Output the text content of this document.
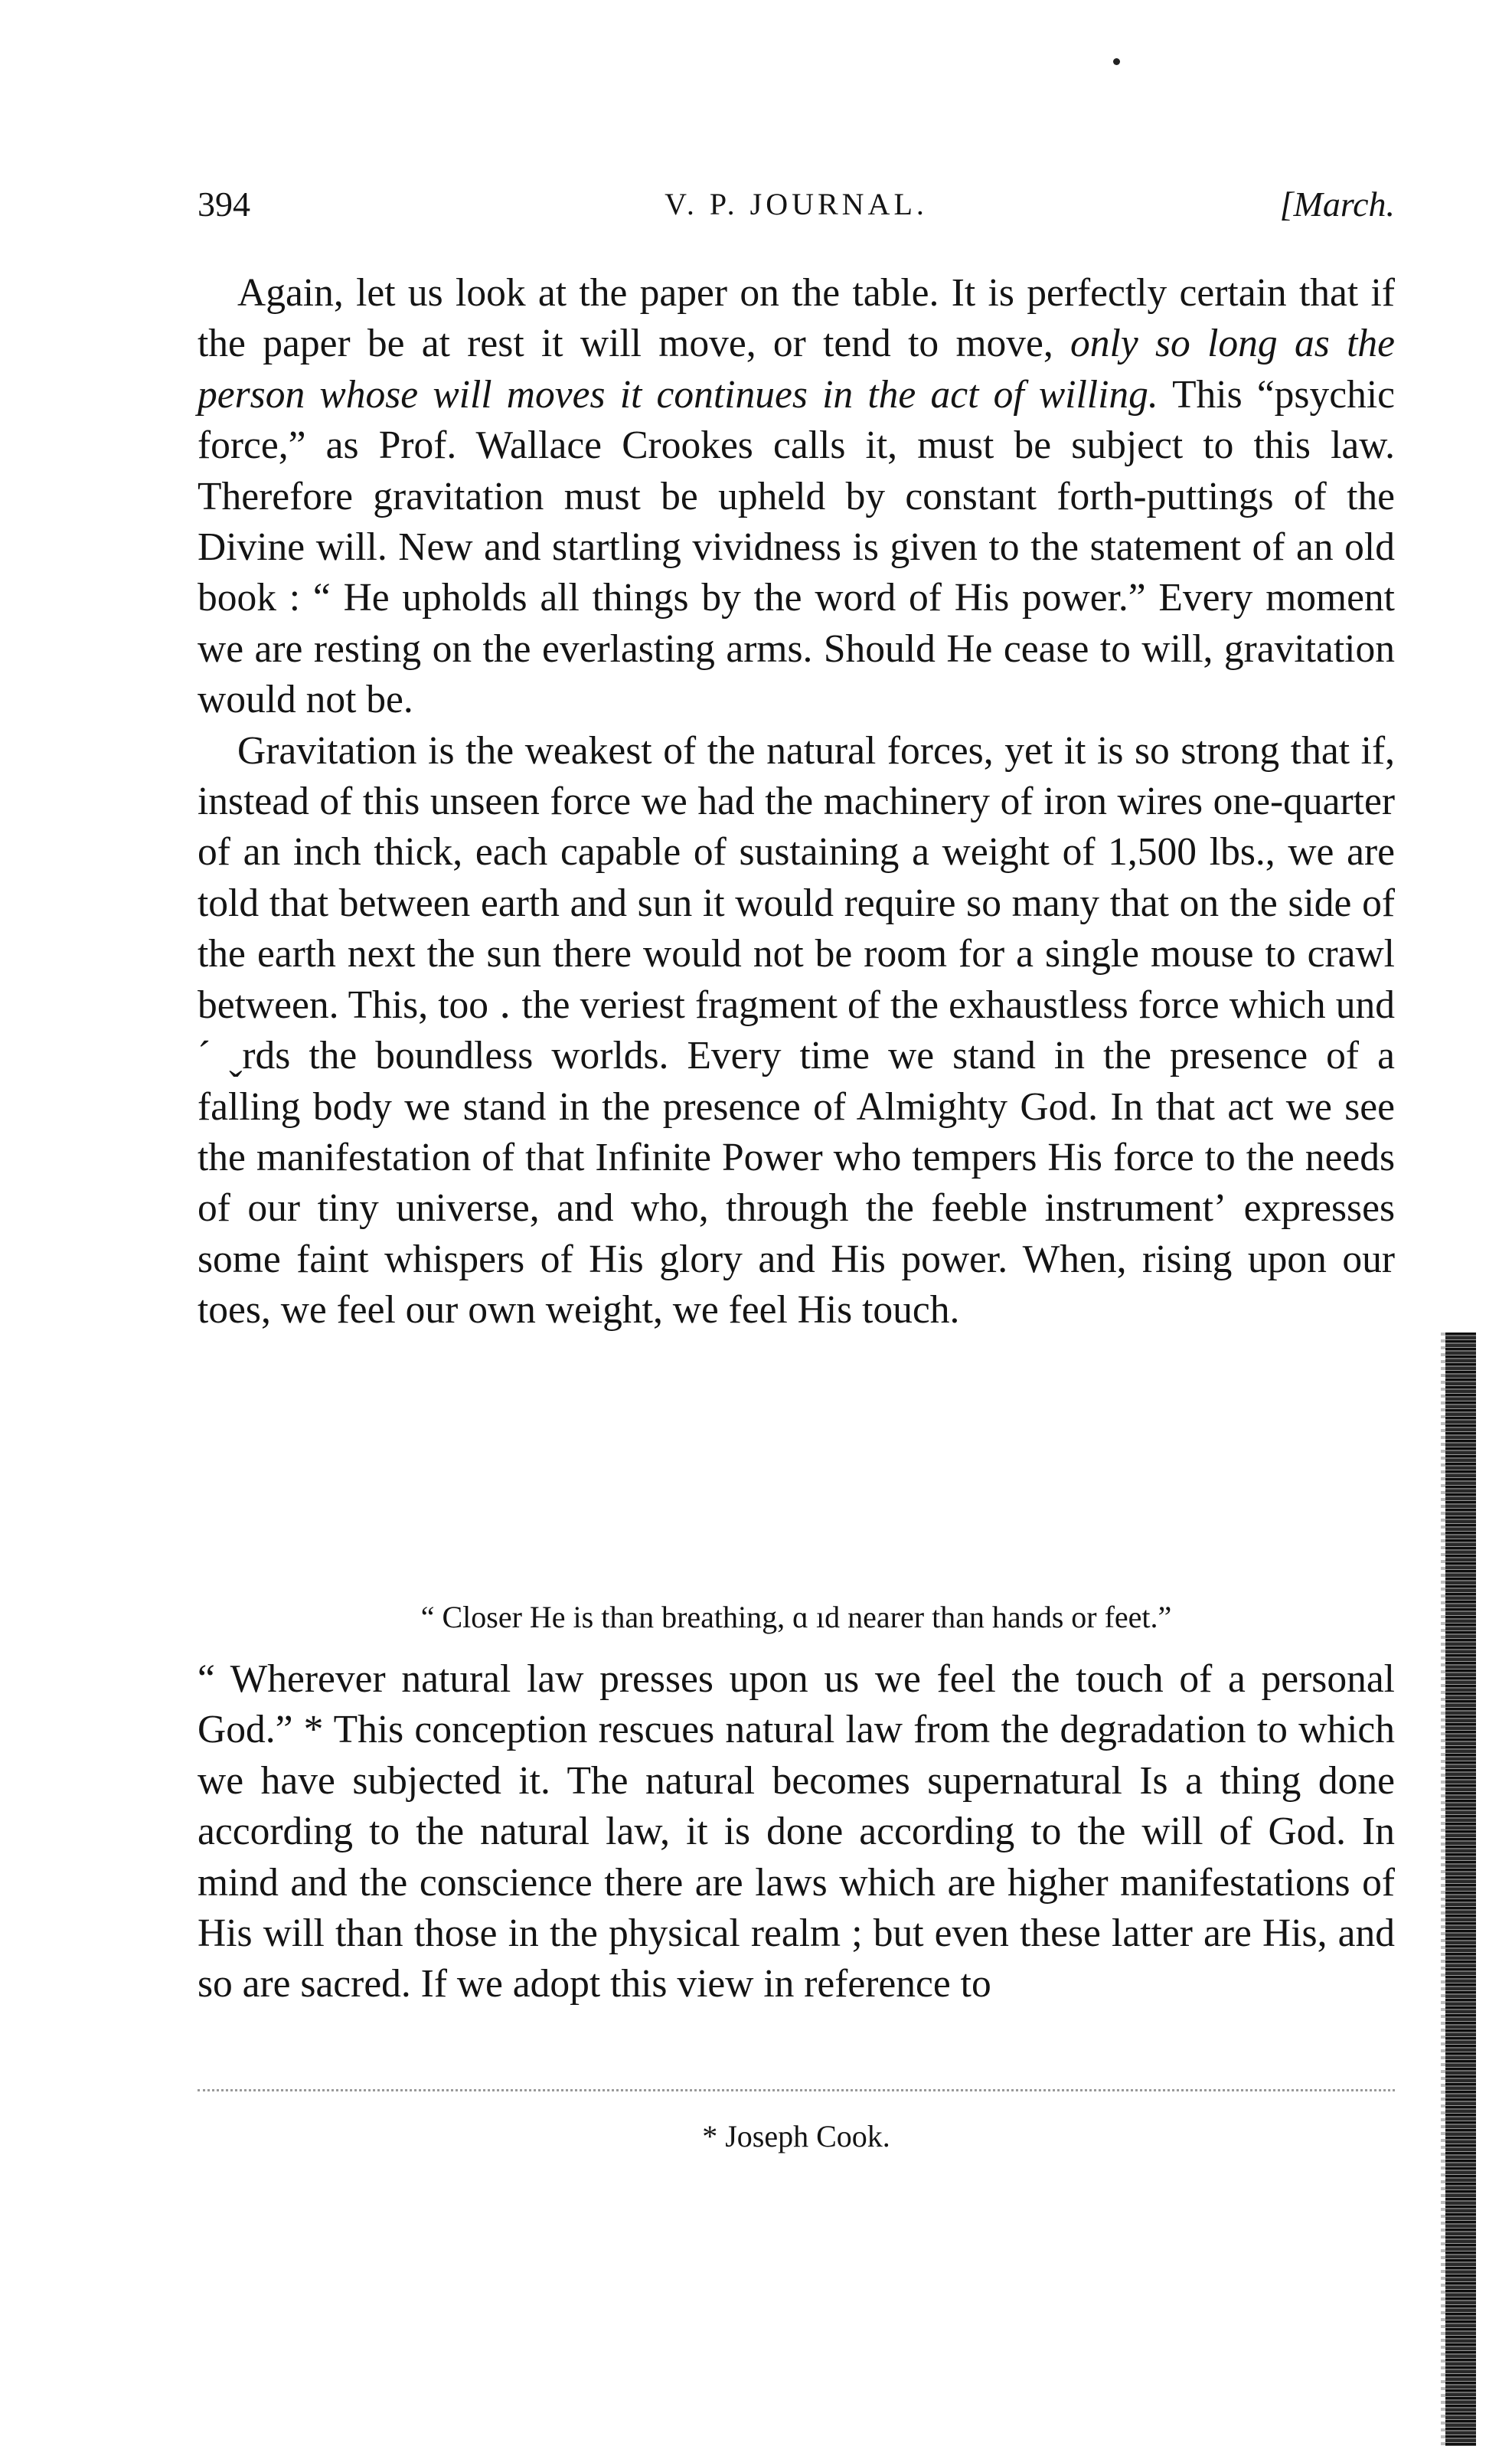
394	V. P. JOURNAL.	[March.

Again, let us look at the paper on the table. It is perfectly certain that if the paper be at rest it will move, or tend to move, only so long as the person whose will moves it continues in the act of willing. This “psychic force,” as Prof. Wallace Crookes calls it, must be subject to this law. Therefore gravitation must be upheld by constant forth-puttings of the Divine will. New and startling vividness is given to the statement of an old book : “ He upholds all things by the word of His power.” Every moment we are resting on the everlasting arms. Should He cease to will, gravitation would not be.

Gravitation is the weakest of the natural forces, yet it is so strong that if, instead of this unseen force we had the machinery of iron wires one-quarter of an inch thick, each capable of sustaining a weight of 1,500 lbs., we are told that between earth and sun it would require so many that on the side of the earth next the sun there would not be room for a single mouse to crawl between. This, too ․ the veriest fragment of the exhaustless force which und´ ˬrds the boundless worlds. Every time we stand in the presence of a falling body we stand in the presence of Almighty God. In that act we see the manifestation of that Infinite Power who tempers His force to the needs of our tiny universe, and who, through the feeble instrumentʼ expresses some faint whispers of His glory and His power. When, rising upon our toes, we feel our own weight, we feel His touch.

“ Closer He is than breathing, ɑ ıd nearer than hands or feet.”

“ Wherever natural law presses upon us we feel the touch of a personal God.” * This conception rescues natural law from the degradation to which we have subjected it. The natural becomes supernatural Is a thing done according to the natural law, it is done according to the will of God. In mind and the conscience there are laws which are higher manifestations of His will than those in the physical realm ; but even these latter are His, and so are sacred. If we adopt this view in reference to

* Joseph Cook.
